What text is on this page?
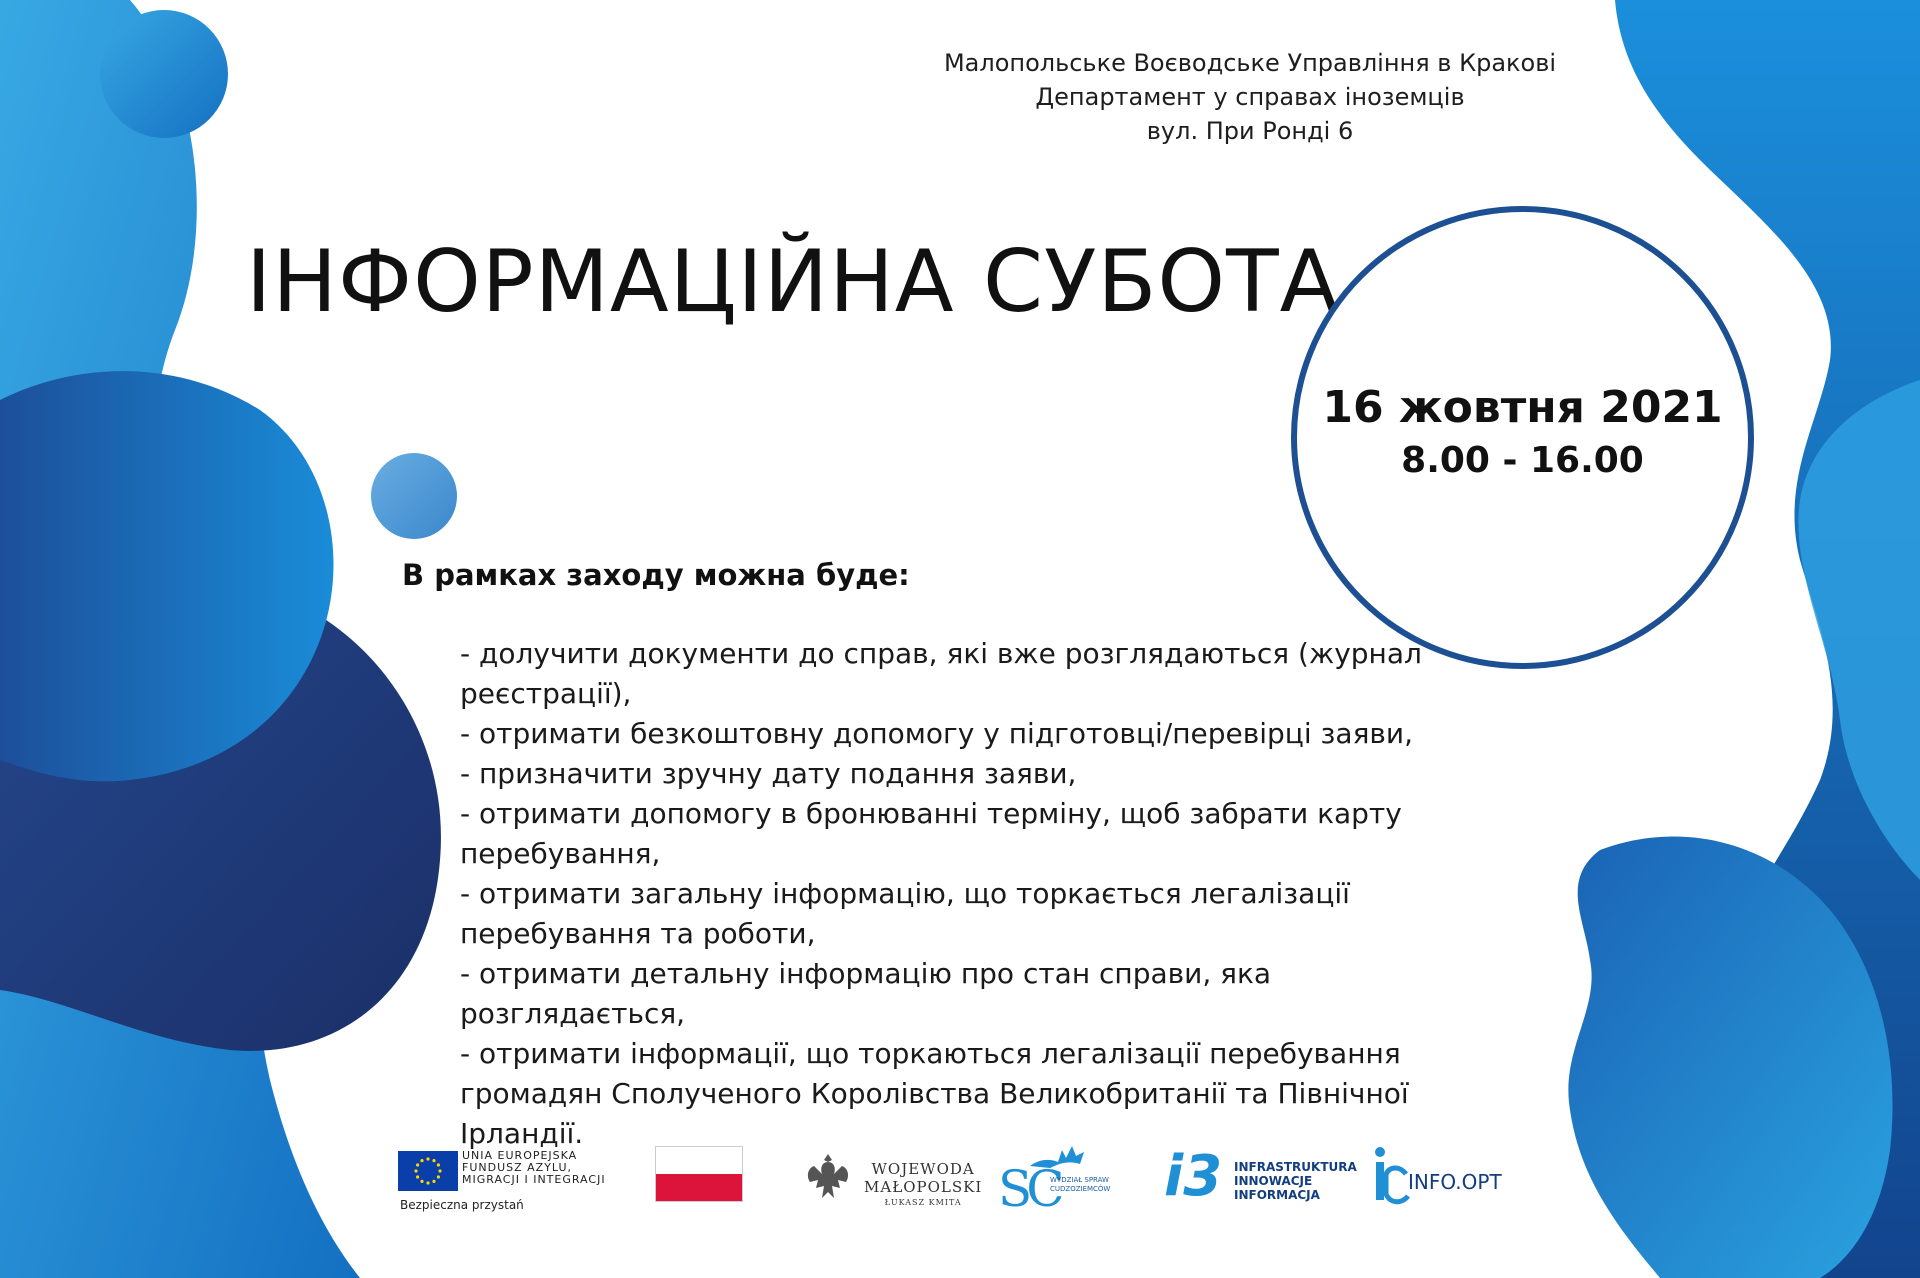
Малопольське Воєводське Управління в Кракові
Департамент у справах іноземців
вул. При Ронді 6
ІНФОРМАЦІЙНА СУБОТА
16 жовтня 2021
8.00 - 16.00
В рамках заходу можна буде:
- долучити документи до справ, які вже розглядаються (журнал реєстрації),
- отримати безкоштовну допомогу у підготовці/перевірці заяви,
- призначити зручну дату подання заяви,
- отримати допомогу в бронюванні терміну, щоб забрати карту перебування,
- отримати загальну інформацію, що торкається легалізації перебування та роботи,
- отримати детальну інформацію про стан справи, яка розглядається,
- отримати інформації, що торкаються легалізації перебування громадян Сполученого Королівства Великобританії та Північної Ірландії.
UNIA EUROPEJSKA
FUNDUSZ AZYLU,
MIGRACJI I INTEGRACJI
Bezpieczna przystań
WOJEWODA
MAŁOPOLSKI
ŁUKASZ KMITA SC
WYDZIAŁ SPRAW
CUDZOZIEMCÓW i3 INFRASTRUKTURA
INNOWACJE
INFORMACJA
INFO.OPT
